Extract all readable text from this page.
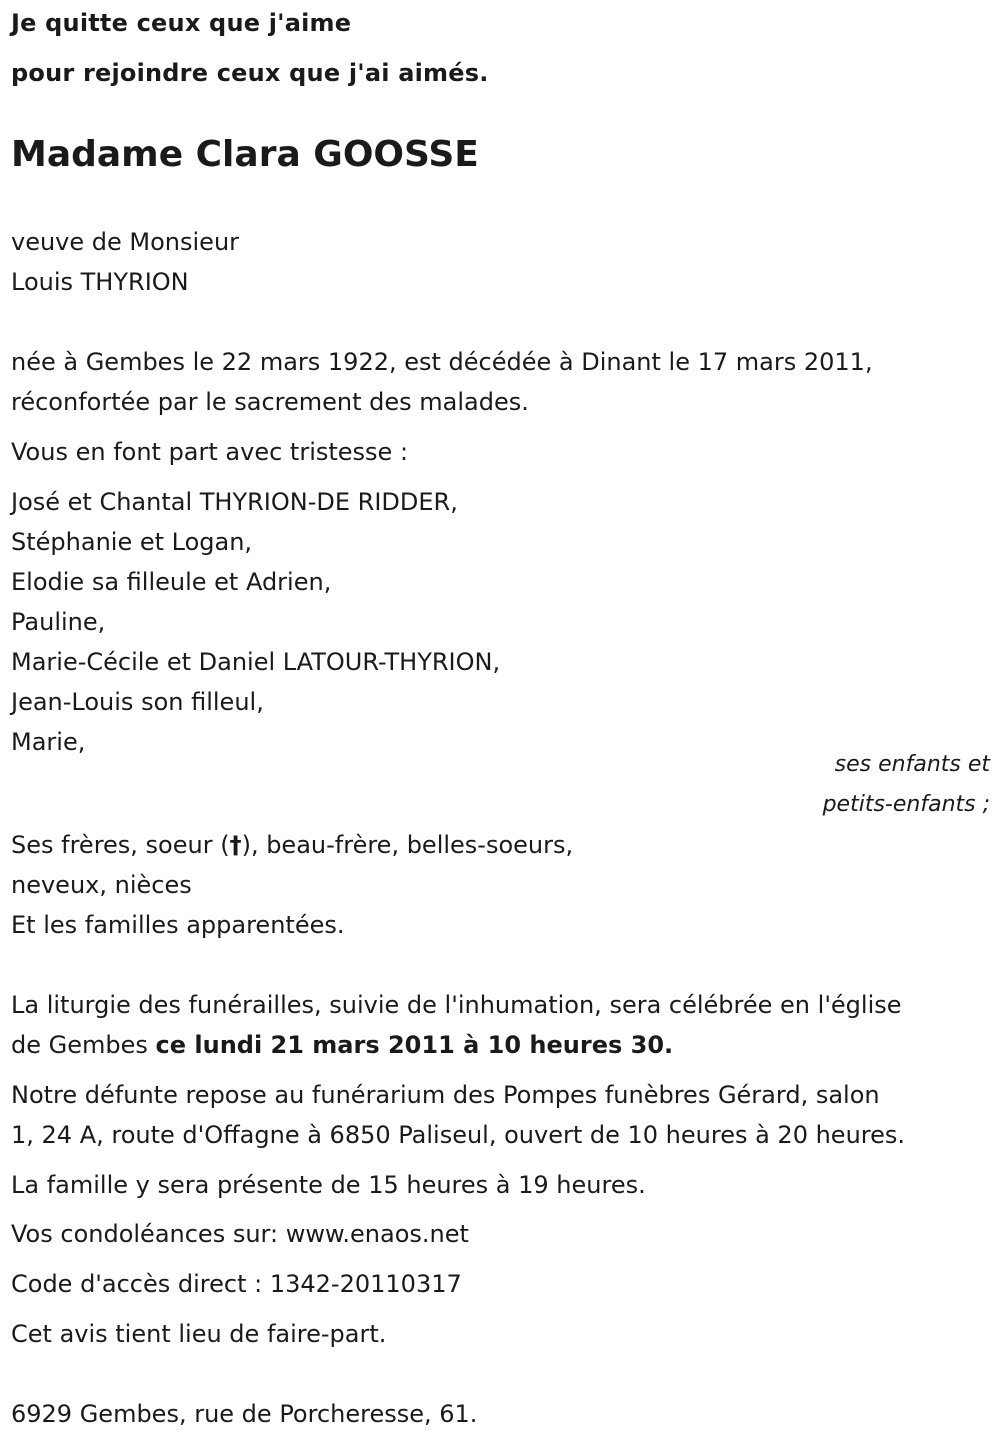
Je quitte ceux que j'aime
pour rejoindre ceux que j'ai aimés.
Madame Clara GOOSSE
veuve de Monsieur
Louis THYRION
née à Gembes le 22 mars 1922, est décédée à Dinant le 17 mars 2011,
réconfortée par le sacrement des malades.
Vous en font part avec tristesse :
José et Chantal THYRION-DE RIDDER,
Stéphanie et Logan,
Elodie sa filleule et Adrien,
Pauline,
Marie-Cécile et Daniel LATOUR-THYRION,
Jean-Louis son filleul,
Marie,
ses enfants et
petits-enfants ;
Ses frères, soeur (†), beau-frère, belles-soeurs,
neveux, nièces
Et les familles apparentées.
La liturgie des funérailles, suivie de l'inhumation, sera célébrée en l'église
de Gembes ce lundi 21 mars 2011 à 10 heures 30.
Notre défunte repose au funérarium des Pompes funèbres Gérard, salon
1, 24 A, route d'Offagne à 6850 Paliseul, ouvert de 10 heures à 20 heures.
La famille y sera présente de 15 heures à 19 heures.
Vos condoléances sur: www.enaos.net
Code d'accès direct : 1342-20110317
Cet avis tient lieu de faire-part.
6929 Gembes, rue de Porcheresse, 61.
